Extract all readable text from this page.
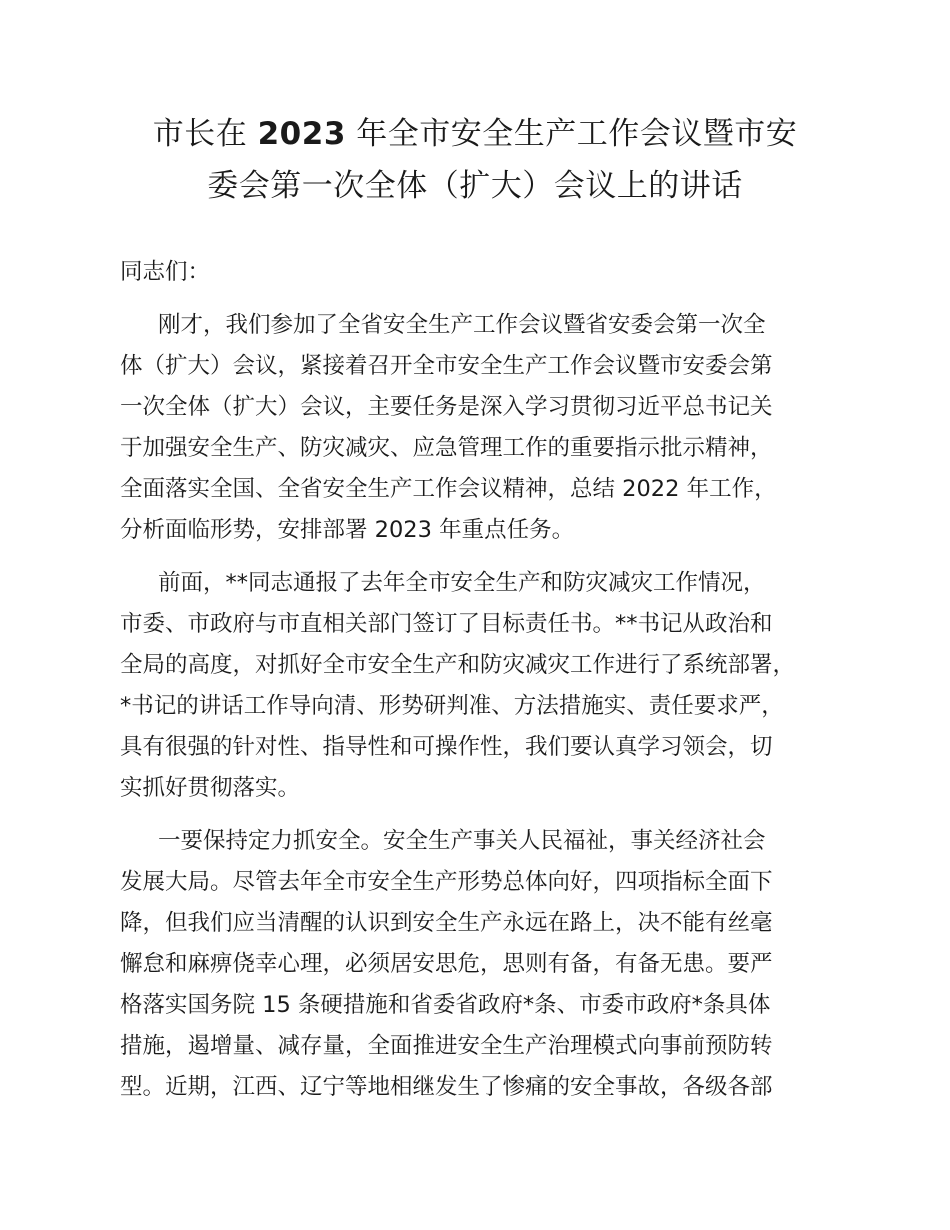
市长在 2023 年全市安全生产工作会议暨市安
委会第一次全体（扩大）会议上的讲话

同志们：

刚才，我们参加了全省安全生产工作会议暨省安委会第一次全
体（扩大）会议，紧接着召开全市安全生产工作会议暨市安委会第
一次全体（扩大）会议，主要任务是深入学习贯彻习近平总书记关
于加强安全生产、防灾减灾、应急管理工作的重要指示批示精神，
全面落实全国、全省安全生产工作会议精神，总结 2022 年工作，
分析面临形势，安排部署 2023 年重点任务。

前面，**同志通报了去年全市安全生产和防灾减灾工作情况，
市委、市政府与市直相关部门签订了目标责任书。**书记从政治和
全局的高度，对抓好全市安全生产和防灾减灾工作进行了系统部署，
*书记的讲话工作导向清、形势研判准、方法措施实、责任要求严，
具有很强的针对性、指导性和可操作性，我们要认真学习领会，切
实抓好贯彻落实。

一要保持定力抓安全。安全生产事关人民福祉，事关经济社会
发展大局。尽管去年全市安全生产形势总体向好，四项指标全面下
降，但我们应当清醒的认识到安全生产永远在路上，决不能有丝毫
懈怠和麻痹侥幸心理，必须居安思危，思则有备，有备无患。要严
格落实国务院 15 条硬措施和省委省政府*条、市委市政府*条具体
措施，遏增量、减存量，全面推进安全生产治理模式向事前预防转
型。近期，江西、辽宁等地相继发生了惨痛的安全事故，各级各部
